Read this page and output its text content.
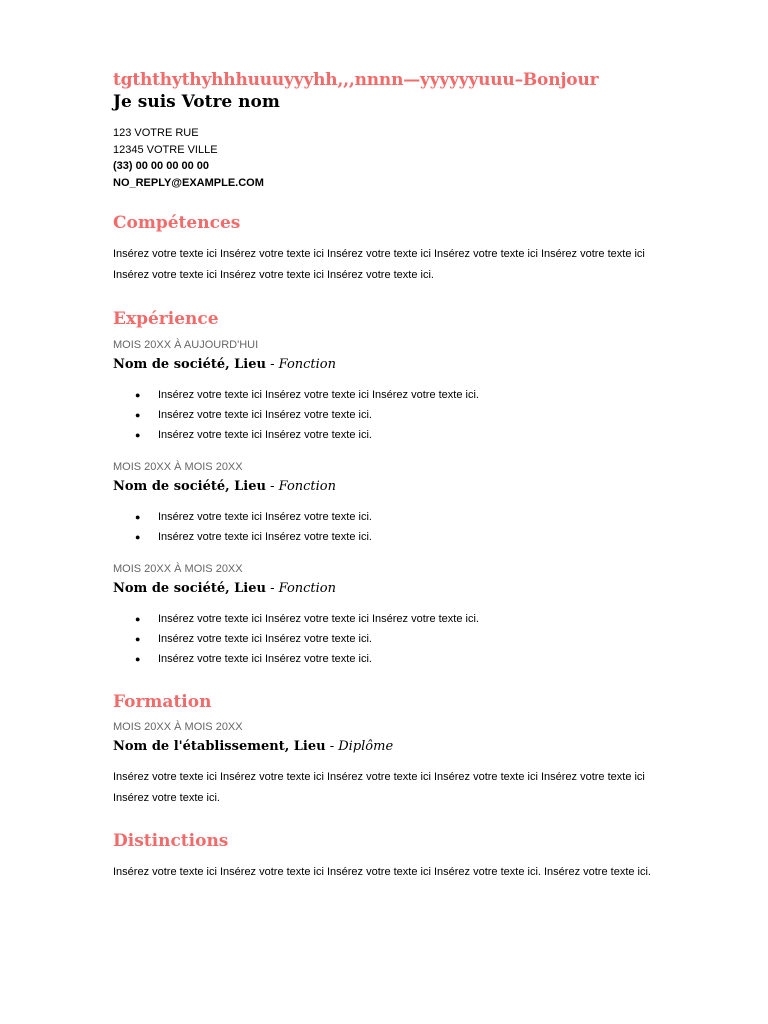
tgththythyhhhuuuyyyhh,,,nnnn—yyyyyyuuu–Bonjour
Je suis Votre nom
123 VOTRE RUE
12345 VOTRE VILLE
(33) 00 00 00 00 00
NO_REPLY@EXAMPLE.COM
Compétences
Insérez votre texte ici Insérez votre texte ici Insérez votre texte ici Insérez votre texte ici Insérez votre texte ici Insérez votre texte ici Insérez votre texte ici Insérez votre texte ici.
Expérience
MOIS 20XX À AUJOURD'HUI
Nom de société, Lieu - Fonction
● Insérez votre texte ici Insérez votre texte ici Insérez votre texte ici.
● Insérez votre texte ici Insérez votre texte ici.
● Insérez votre texte ici Insérez votre texte ici.
MOIS 20XX À MOIS 20XX
Nom de société, Lieu - Fonction
● Insérez votre texte ici Insérez votre texte ici.
● Insérez votre texte ici Insérez votre texte ici.
MOIS 20XX À MOIS 20XX
Nom de société, Lieu - Fonction
● Insérez votre texte ici Insérez votre texte ici Insérez votre texte ici.
● Insérez votre texte ici Insérez votre texte ici.
● Insérez votre texte ici Insérez votre texte ici.
Formation
MOIS 20XX À MOIS 20XX
Nom de l'établissement, Lieu - Diplôme
Insérez votre texte ici Insérez votre texte ici Insérez votre texte ici Insérez votre texte ici Insérez votre texte ici Insérez votre texte ici.
Distinctions
Insérez votre texte ici Insérez votre texte ici Insérez votre texte ici Insérez votre texte ici. Insérez votre texte ici.
